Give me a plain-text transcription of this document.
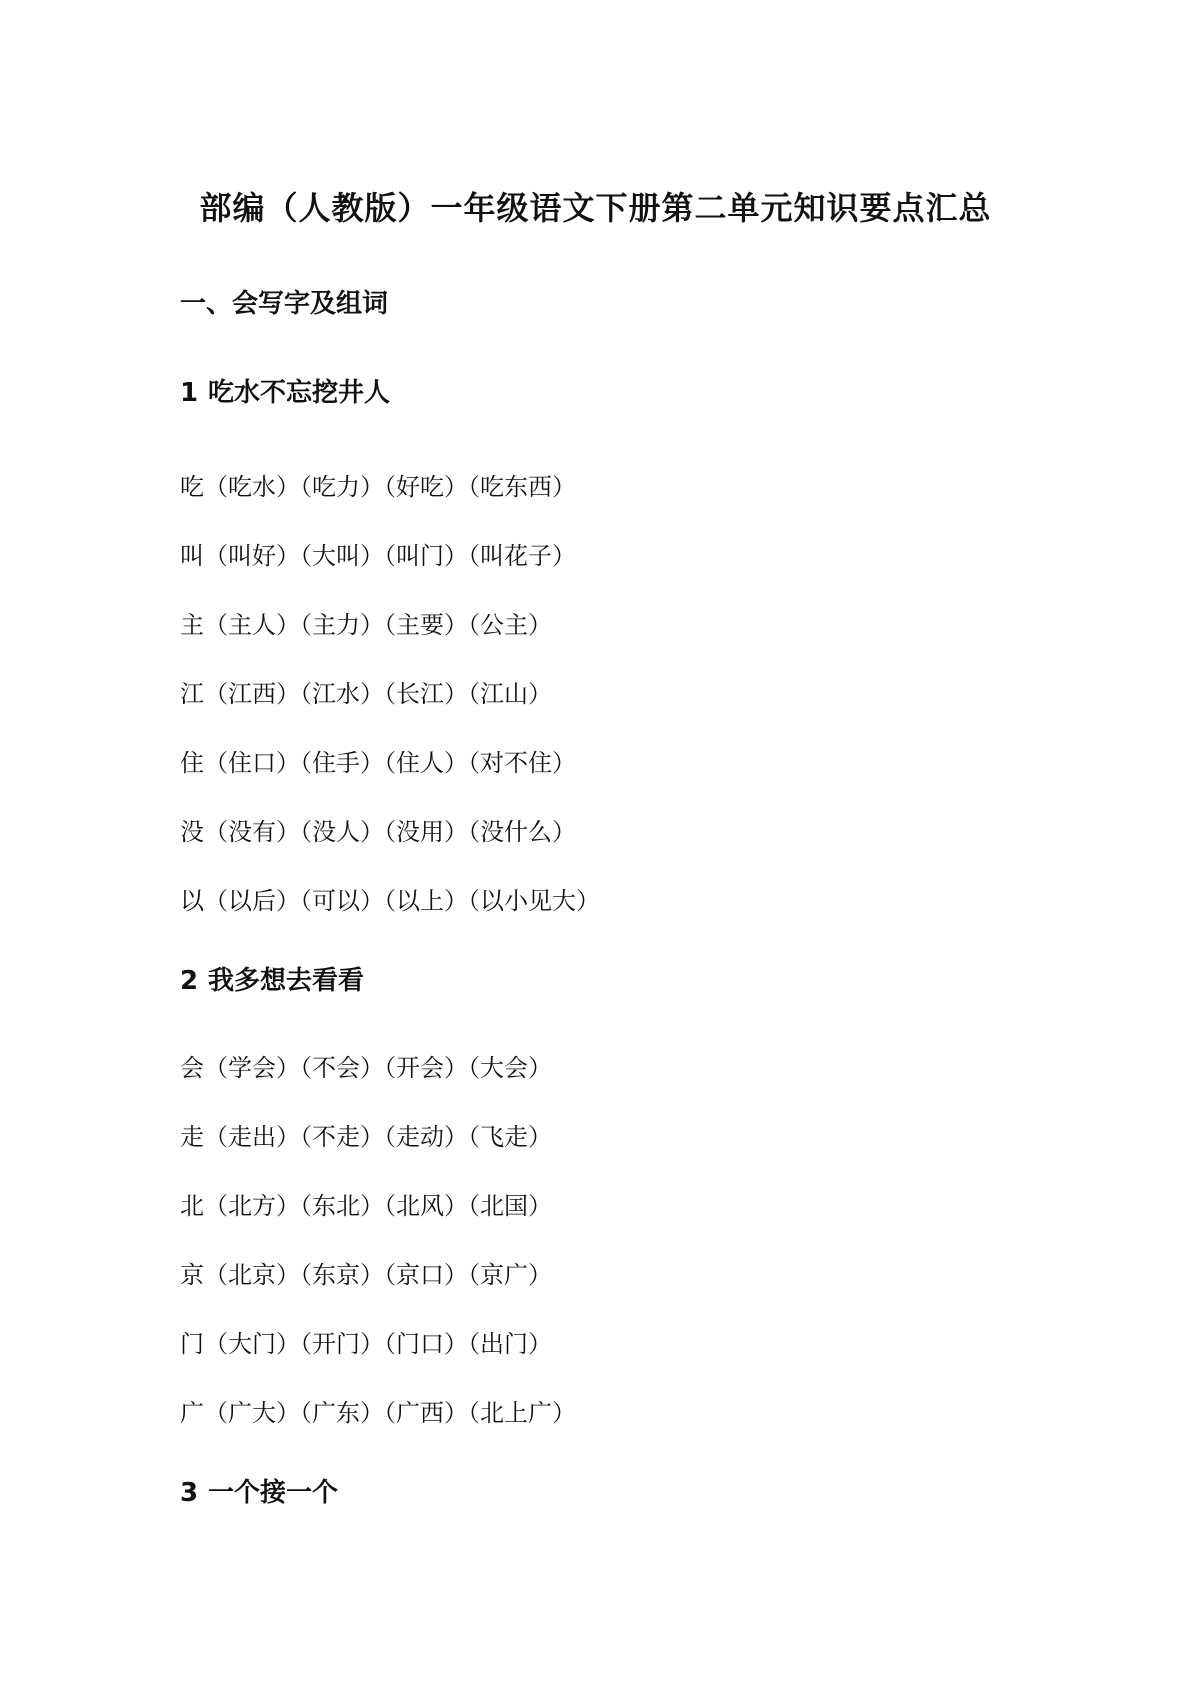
部编（人教版）一年级语文下册第二单元知识要点汇总
一、会写字及组词
1 吃水不忘挖井人

吃（吃水）（吃力）（好吃）（吃东西）

叫（叫好）（大叫）（叫门）（叫花子）

主（主人）（主力）（主要）（公主）

江（江西）（江水）（长江）（江山）

住（住口）（住手）（住人）（对不住）

没（没有）（没人）（没用）（没什么）

以（以后）（可以）（以上）（以小见大）

2 我多想去看看

会（学会）（不会）（开会）（大会）

走（走出）（不走）（走动）（飞走）

北（北方）（东北）（北风）（北国）

京（北京）（东京）（京口）（京广）

门（大门）（开门）（门口）（出门）

广（广大）（广东）（广西）（北上广）

3 一个接一个
